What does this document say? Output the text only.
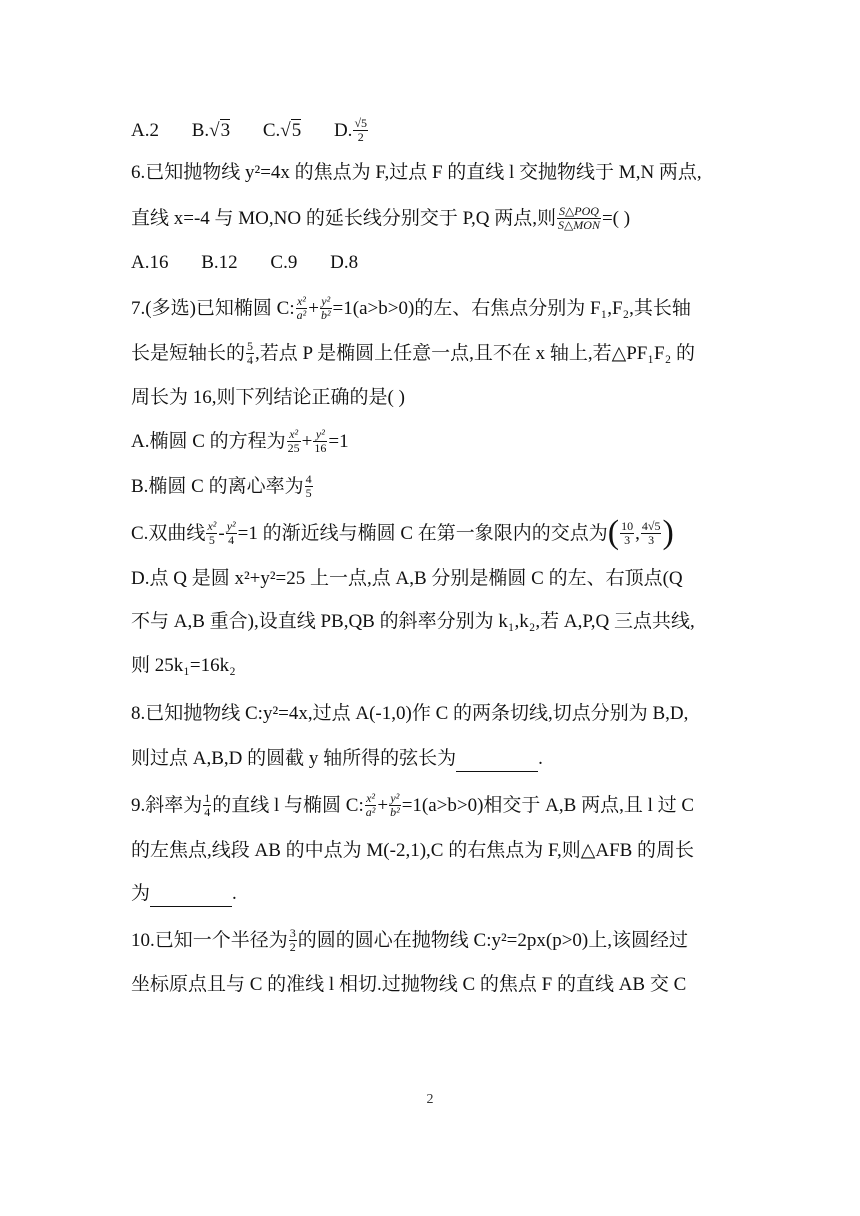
A.2 B.√3 C.√5 D. $\frac{√5}{2}$
6.已知抛物线 y²=4x 的焦点为 F,过点 F 的直线 l 交抛物线于 M,N 两点,
直线 x=-4 与 MO,NO 的延长线分别交于 P,Q 两点,则 $\frac{\text{S△POQ}}{\text{S△MON}}$ =( )
A.16 B.12 C.9 D.8
7.(多选)已知椭圆 C: $\frac{\text{x²}}{\text{a²}} + \frac{\text{y²}}{\text{b²}} =1(a>b>0)$的左、右焦点分别为 F₁,F₂,其长轴
长是短轴长的 $\frac{5}{4}$ ,若点 P 是椭圆上任意一点,且不在 x 轴上,若△PF₁F₂ 的
周长为 16,则下列结论正确的是( )
A.椭圆 C 的方程为 $\frac{\text{x²}}{25} + \frac{\text{y²}}{16} =1$
B.椭圆 C 的离心率为 $\frac{4}{5}$
C.双曲线 $\frac{\text{x²}}{5} - \frac{\text{y²}}{4} =1$ 的渐近线与椭圆 C 在第一象限内的交点为( $\frac{10}{3}$ , $\frac{4√5}{3}$ )
D.点 Q 是圆 x²+y²=25 上一点,点 A,B 分别是椭圆 C 的左、右顶点(Q
不与 A,B 重合),设直线 PB,QB 的斜率分别为 k₁,k₂,若 A,P,Q 三点共线,
则 25k₁=16k₂
8.已知抛物线 C:y²=4x,过点 A(-1,0)作 C 的两条切线,切点分别为 B,D,
则过点 A,B,D 的圆截 y 轴所得的弦长为	.
9.斜率为 $\frac{1}{4}$ 的直线 l 与椭圆 C: $\frac{\text{x²}}{\text{a²}} + \frac{\text{y²}}{\text{b²}} =1(a>b>0)$相交于 A,B 两点,且 l 过 C
的左焦点,线段 AB 的中点为 M(-2,1),C 的右焦点为 F,则△AFB 的周长
为	.
10.已知一个半径为 $\frac{3}{2}$ 的圆的圆心在抛物线 C:y²=2px(p>0)上,该圆经过
坐标原点且与 C 的准线 l 相切.过抛物线 C 的焦点 F 的直线 AB 交 C
2
